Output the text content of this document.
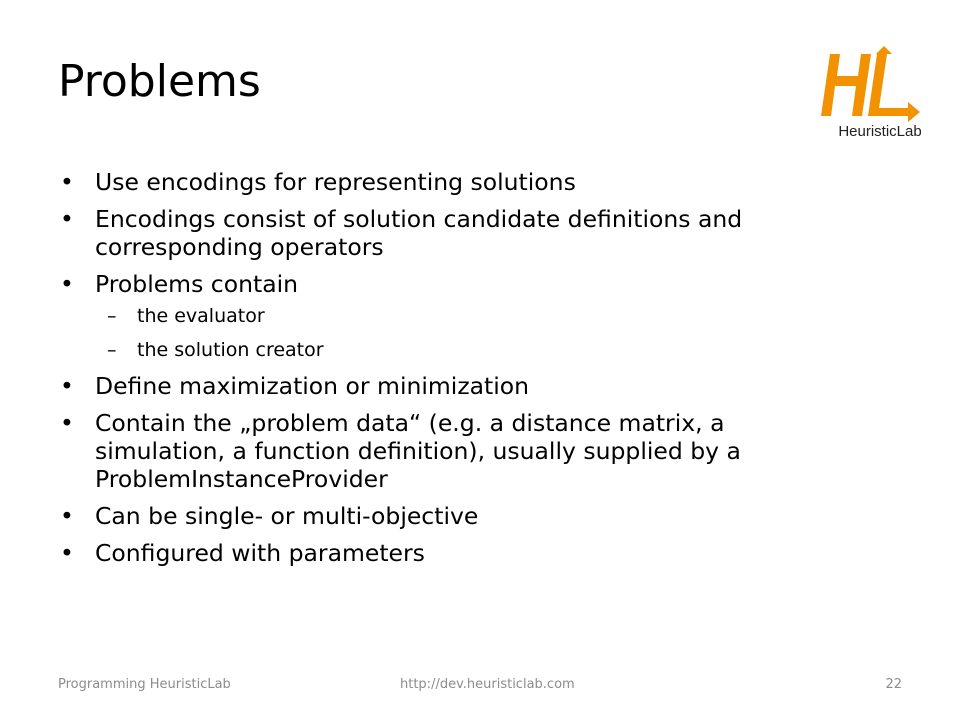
Problems
HeuristicLab
• Use encodings for representing solutions
• Encodings consist of solution candidate definitions and corresponding operators
• Problems contain
– the evaluator
– the solution creator
• Define maximization or minimization
• Contain the „problem data“ (e.g. a distance matrix, a simulation, a function definition), usually supplied by a ProblemInstanceProvider
• Can be single- or multi-objective
• Configured with parameters
Programming HeuristicLab	http://dev.heuristiclab.com	22
